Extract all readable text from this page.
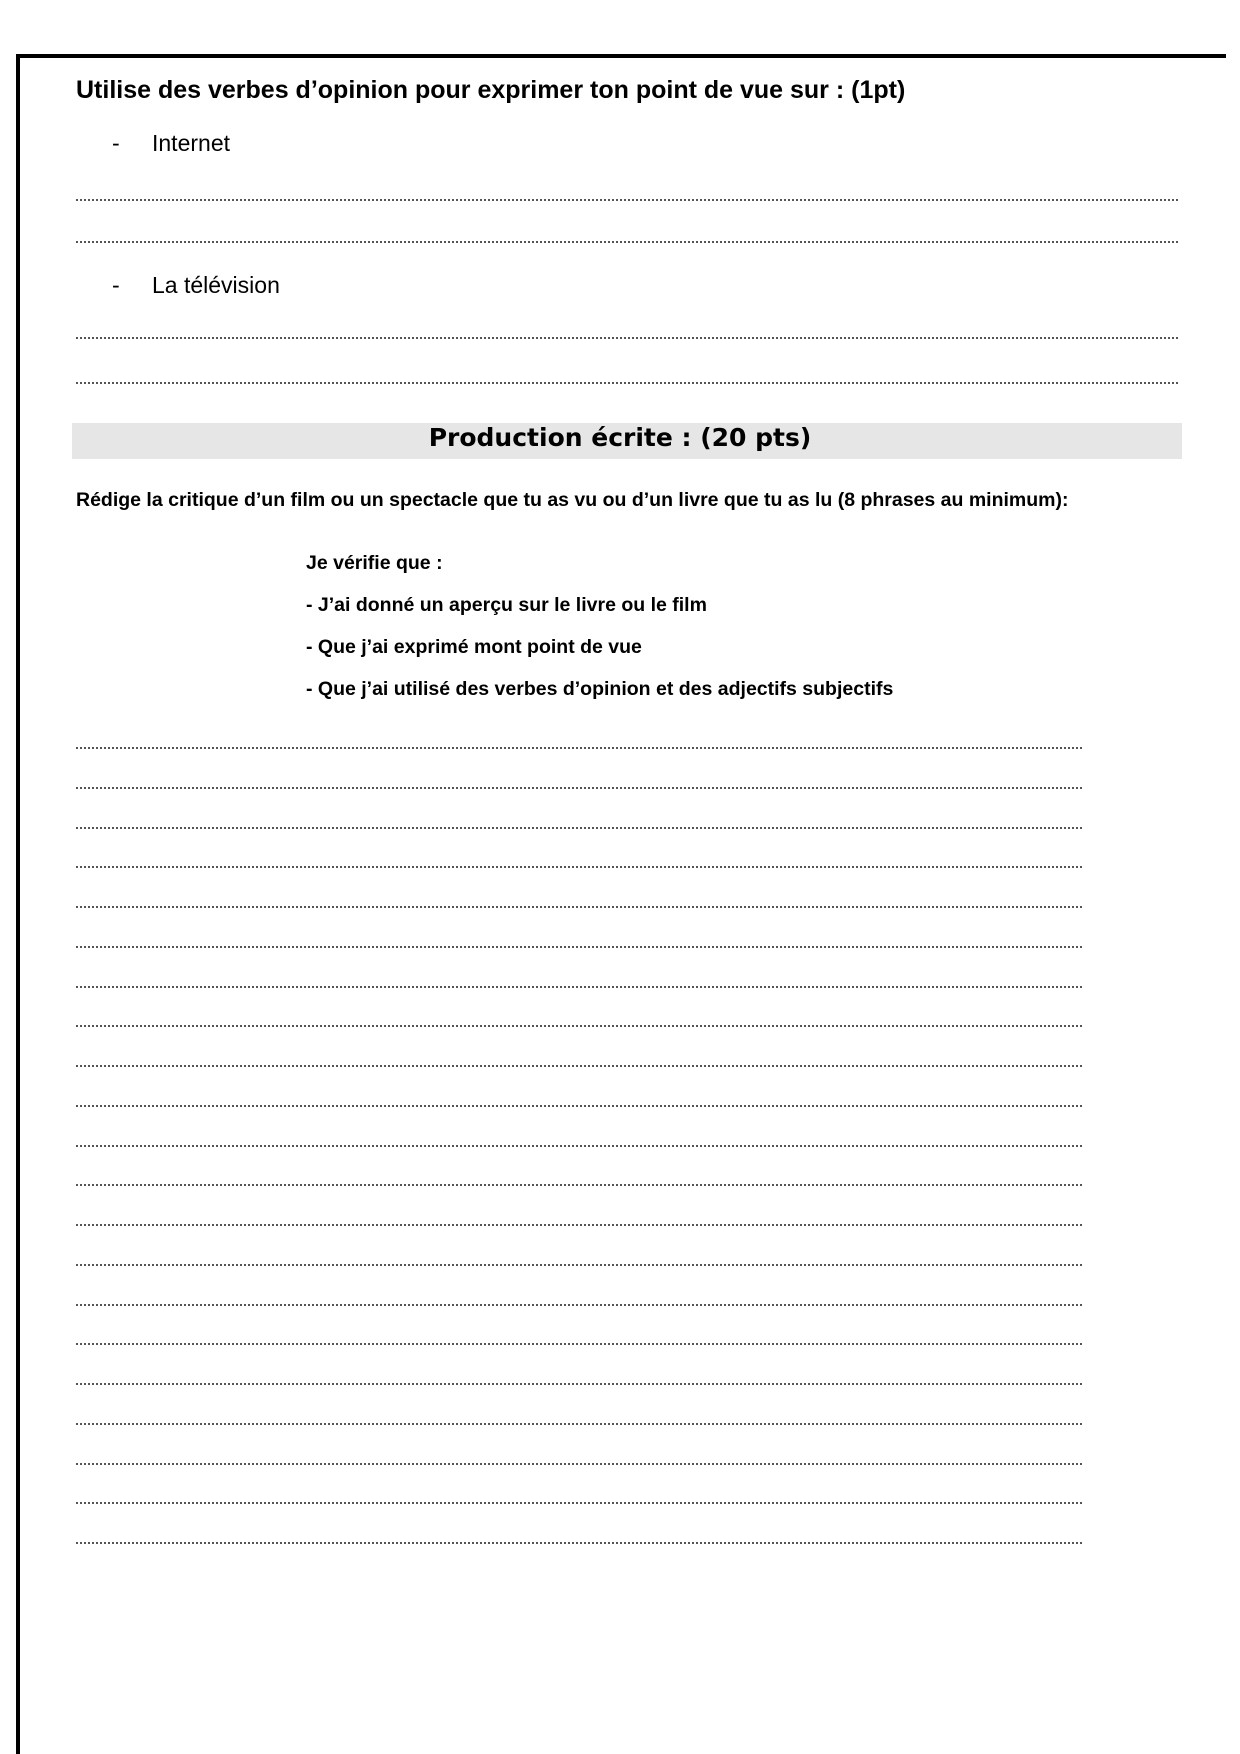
Utilise des verbes d’opinion pour exprimer ton point de vue sur : (1pt)
- Internet
- La télévision
Production écrite : (20 pts)
Rédige la critique d’un film ou un spectacle que tu as vu ou d’un livre que tu as lu (8 phrases au minimum):
Je vérifie que :
- J’ai donné un aperçu sur le livre ou le film
- Que j’ai exprimé mont point de vue
- Que j’ai utilisé des verbes d’opinion et des adjectifs subjectifs
